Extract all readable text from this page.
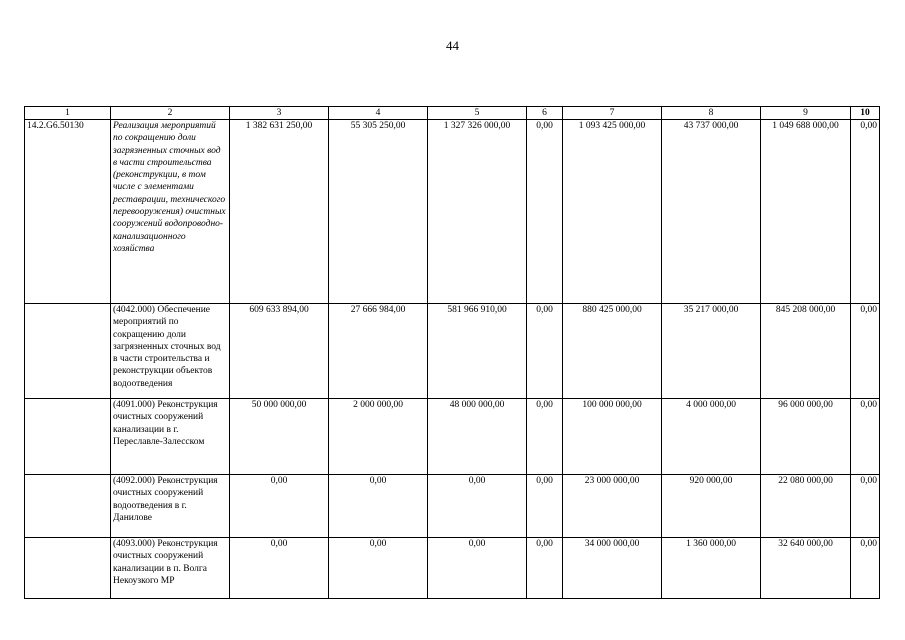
44
1	2	3	4	5	6	7	8	9	10
14.2.G6.50130	Реализация мероприятий по сокращению доли загрязненных сточных вод в части строительства (реконструкции, в том числе с элементами реставрации, технического перевооружения) очистных сооружений водопроводно-канализационного хозяйства	1 382 631 250,00	55 305 250,00	1 327 326 000,00	0,00	1 093 425 000,00	43 737 000,00	1 049 688 000,00	0,00
	(4042.000) Обеспечение мероприятий по сокращению доли загрязненных сточных вод в части строительства и реконструкции объектов водоотведения	609 633 894,00	27 666 984,00	581 966 910,00	0,00	880 425 000,00	35 217 000,00	845 208 000,00	0,00
	(4091.000) Реконструкция очистных сооружений канализации в г. Переславле-Залесском	50 000 000,00	2 000 000,00	48 000 000,00	0,00	100 000 000,00	4 000 000,00	96 000 000,00	0,00
	(4092.000) Реконструкция очистных сооружений водоотведения в г. Данилове	0,00	0,00	0,00	0,00	23 000 000,00	920 000,00	22 080 000,00	0,00
	(4093.000) Реконструкция очистных сооружений канализации в п. Волга Некоузкого МР	0,00	0,00	0,00	0,00	34 000 000,00	1 360 000,00	32 640 000,00	0,00
